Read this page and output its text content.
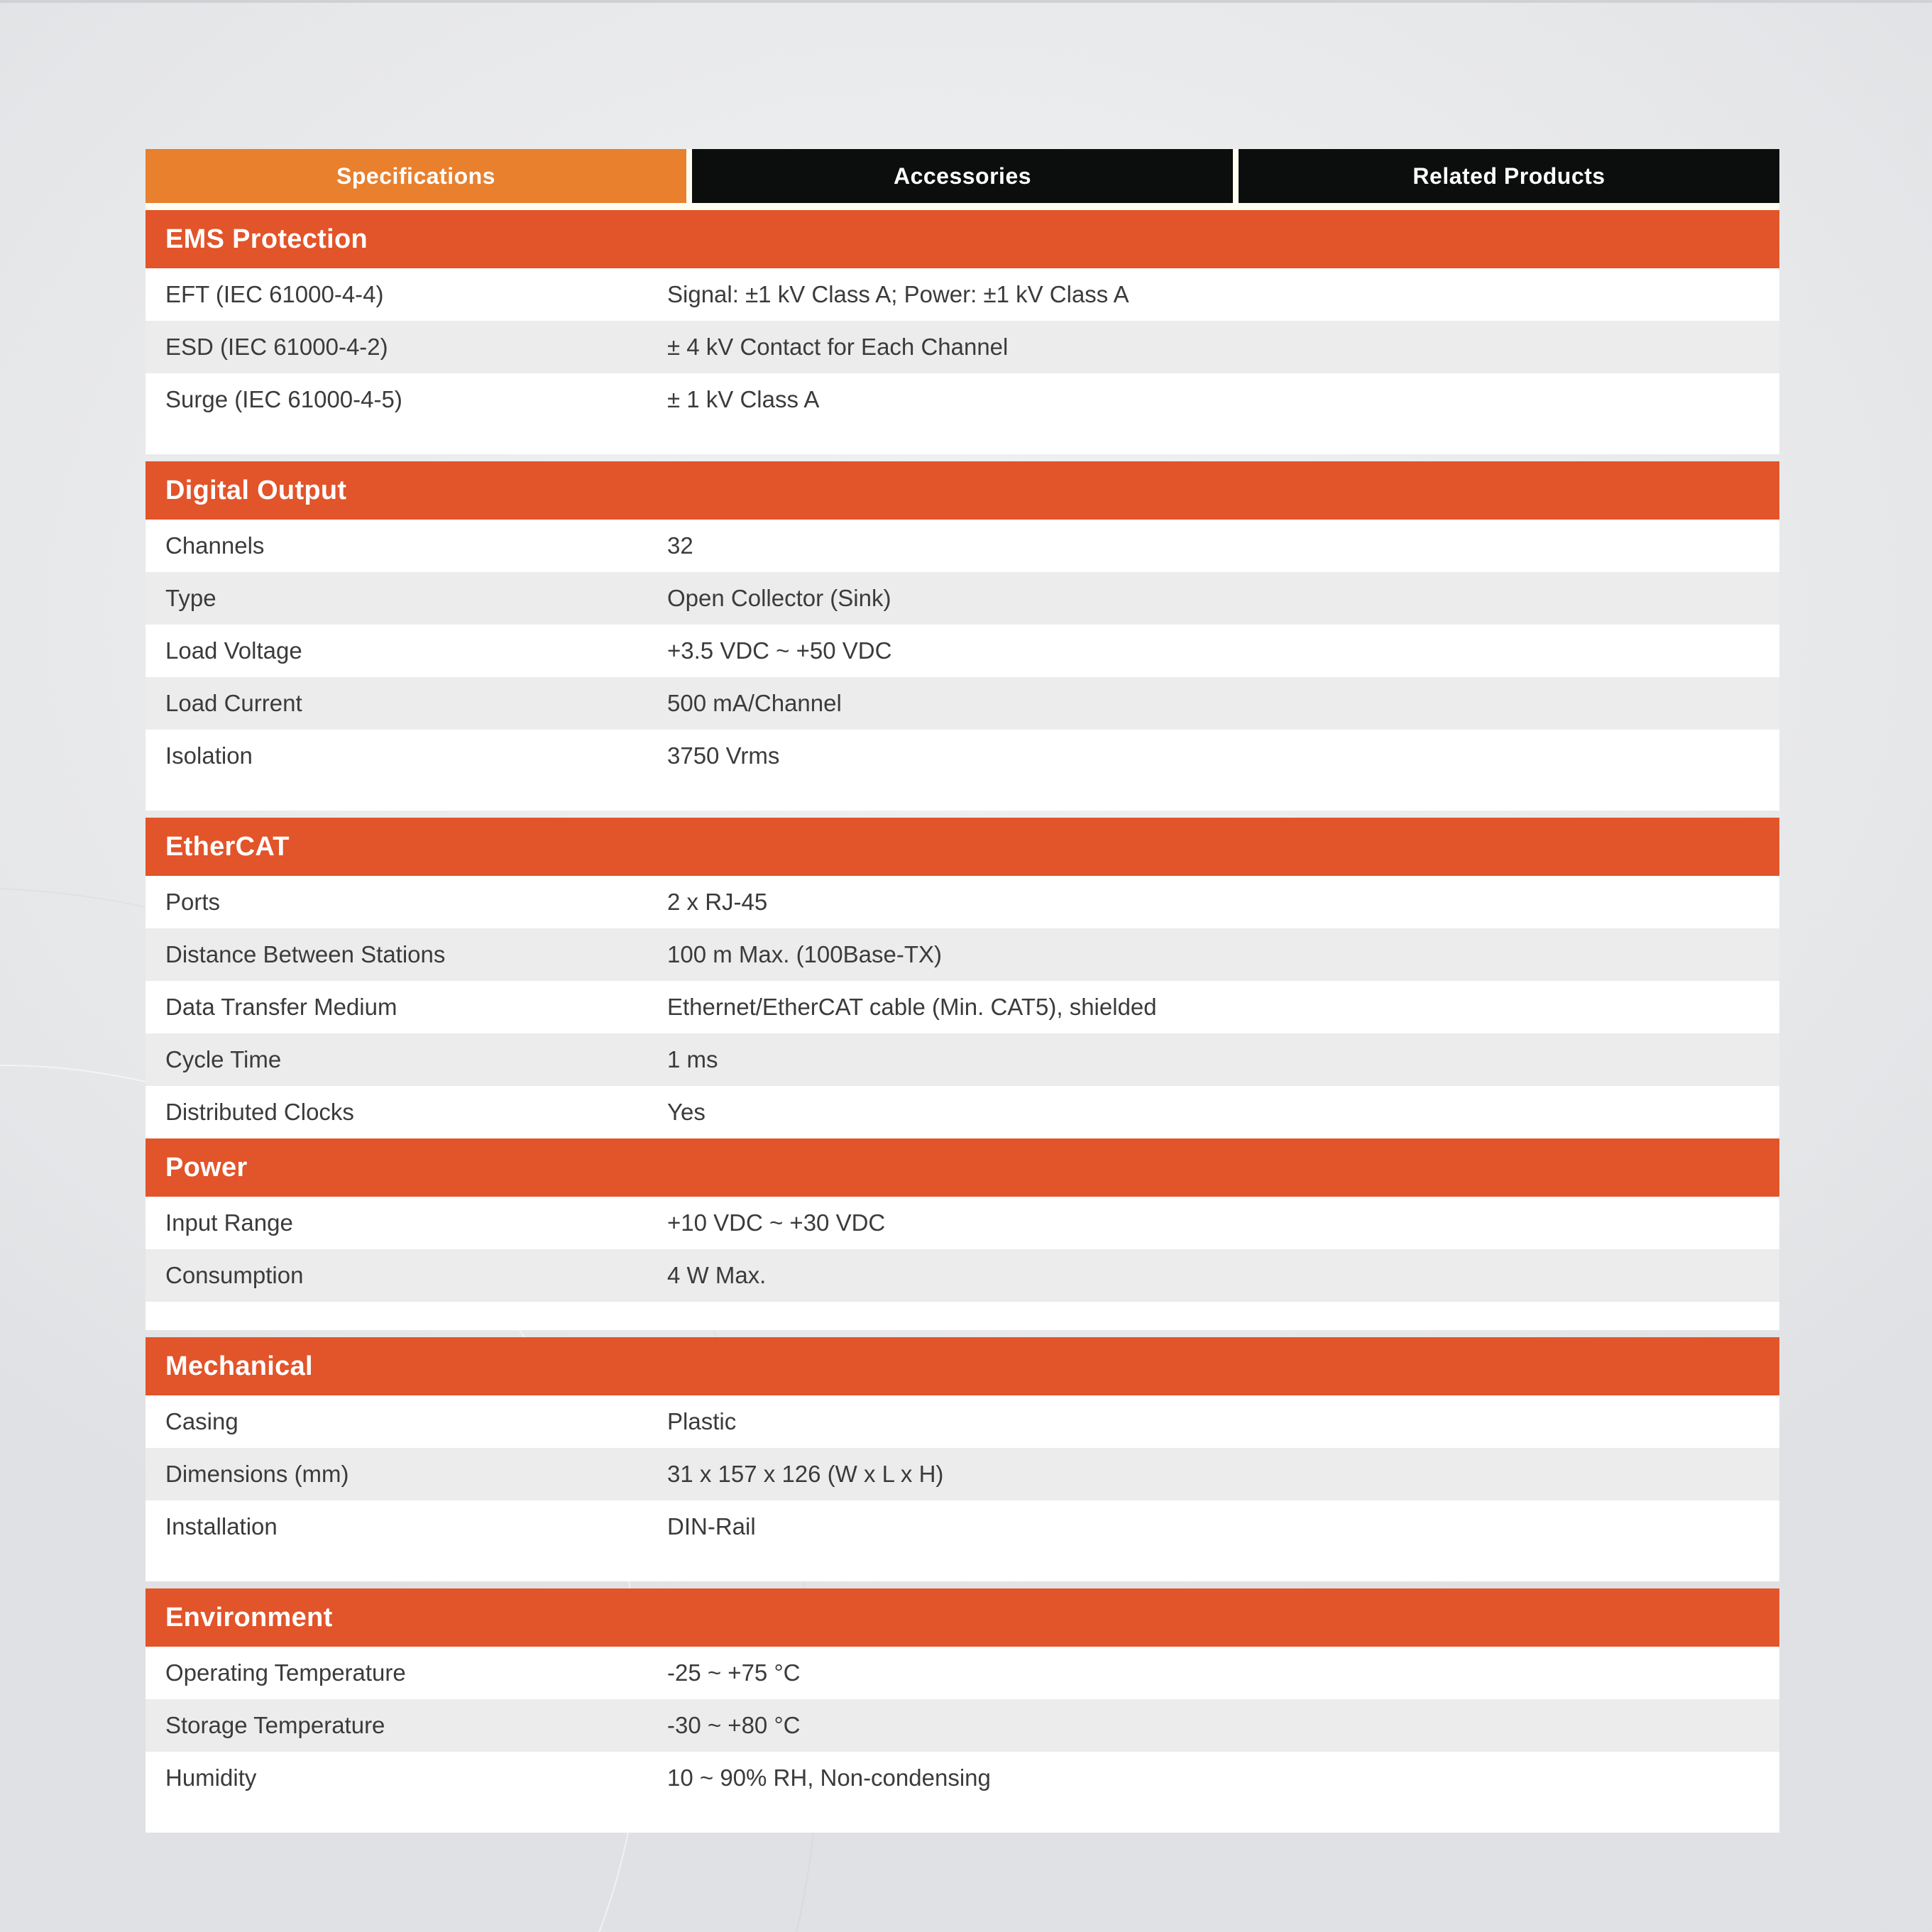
Specifications	Accessories	Related Products
EMS Protection
EFT (IEC 61000-4-4)	Signal: ±1 kV Class A; Power: ±1 kV Class A
ESD (IEC 61000-4-2)	± 4 kV Contact for Each Channel
Surge (IEC 61000-4-5)	± 1 kV Class A
Digital Output
Channels	32
Type	Open Collector (Sink)
Load Voltage	+3.5 VDC ~ +50 VDC
Load Current	500 mA/Channel
Isolation	3750 Vrms
EtherCAT
Ports	2 x RJ-45
Distance Between Stations	100 m Max. (100Base-TX)
Data Transfer Medium	Ethernet/EtherCAT cable (Min. CAT5), shielded
Cycle Time	1 ms
Distributed Clocks	Yes
Power
Input Range	+10 VDC ~ +30 VDC
Consumption	4 W Max.
Mechanical
Casing	Plastic
Dimensions (mm)	31 x 157 x 126 (W x L x H)
Installation	DIN-Rail
Environment
Operating Temperature	-25 ~ +75 °C
Storage Temperature	-30 ~ +80 °C
Humidity	10 ~ 90% RH, Non-condensing
